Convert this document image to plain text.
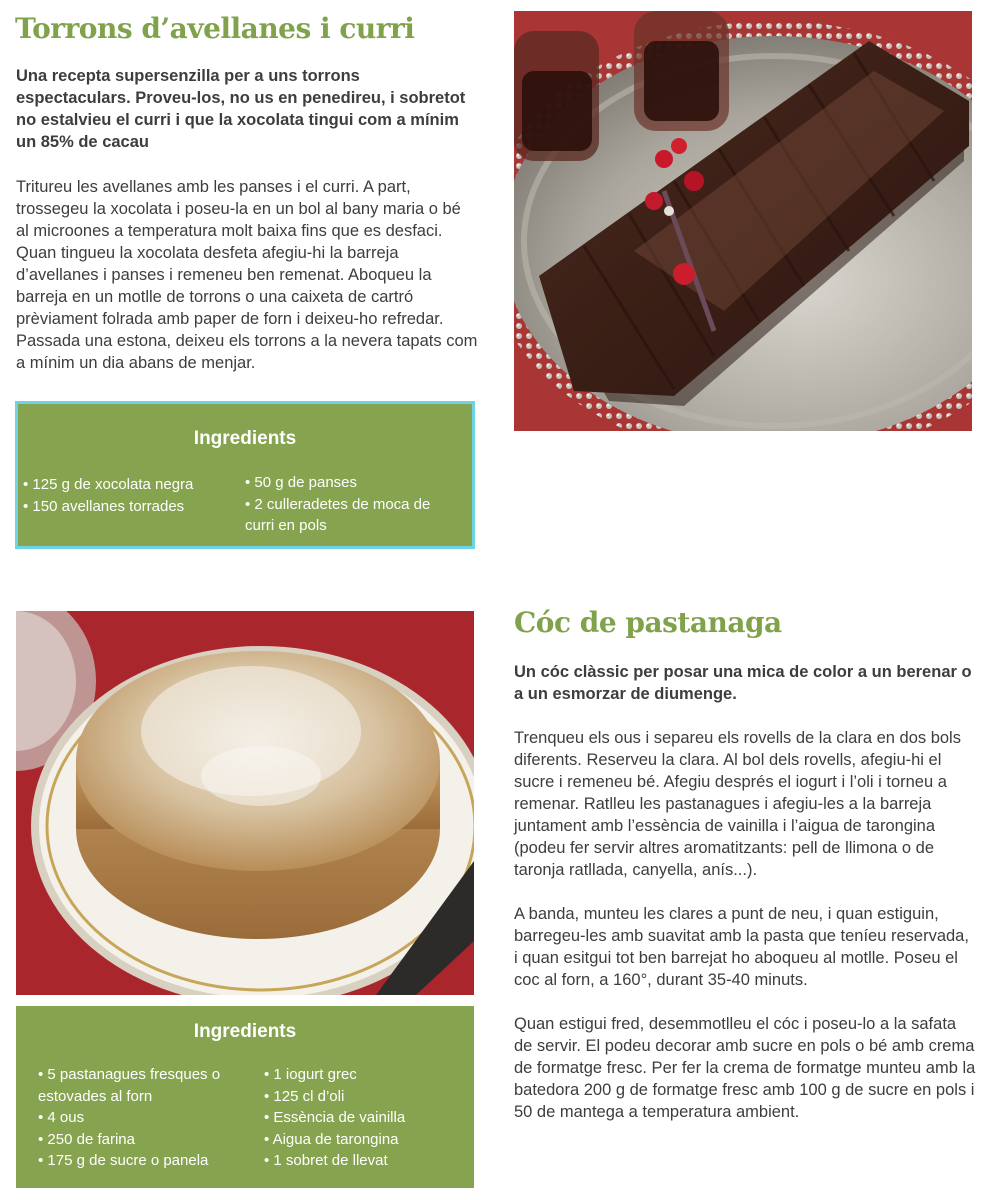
Torrons d’avellanes i curri
Una recepta supersenzilla per a uns torrons espectaculars. Proveu-los, no us en penedireu, i sobretot no estalvieu el curri i que la xocolata tingui com a mínim un 85% de cacau

Tritureu les avellanes amb les panses i el curri. A part, trossegeu la xocolata i poseu-la en un bol al bany maria o bé al microones a temperatura molt baixa fins que es desfaci. Quan tingueu la xocolata desfeta afegiu-hi la barreja d’avellanes i panses i remeneu ben remenat. Aboqueu la barreja en un motlle de torrons o una caixeta de cartró prèviament folrada amb paper de forn i deixeu-ho refredar. Passada una estona, deixeu els torrons a la nevera tapats com a mínim un dia abans de menjar.

Ingredients
• 125 g de xocolata negra
• 150 avellanes torrades
• 50 g de panses
• 2 culleradetes de moca de curri en pols
Cóc de pastanaga
Un cóc clàssic per posar una mica de color a un berenar o a un esmorzar de diumenge.

Trenqueu els ous i separeu els rovells de la clara en dos bols diferents. Reserveu la clara. Al bol dels rovells, afegiu-hi el sucre i remeneu bé. Afegiu després el iogurt i l’oli i torneu a remenar. Ratlleu les pastanagues i afegiu-les a la barreja juntament amb l’essència de vainilla i l’aigua de tarongina (podeu fer servir altres aromatitzants: pell de llimona o de taronja ratllada, canyella, anís...).

A banda, munteu les clares a punt de neu, i quan estiguin, barregeu-les amb suavitat amb la pasta que teníeu reservada, i quan esitgui tot ben barrejat ho aboqueu al motlle. Poseu el coc al forn, a 160°, durant 35-40 minuts.

Quan estigui fred, desemmotlleu el cóc i poseu-lo a la safata de servir. El podeu decorar amb sucre en pols o bé amb crema de formatge fresc. Per fer la crema de formatge munteu amb la batedora 200 g de formatge fresc amb 100 g de sucre en pols i 50 de mantega a temperatura ambient.

Ingredients
• 5 pastanagues fresques o estovades al forn
• 4 ous
• 250 de farina
• 175 g de sucre o panela
• 1 iogurt grec
• 125 cl d’oli
• Essència de vainilla
• Aigua de tarongina
• 1 sobret de llevat
